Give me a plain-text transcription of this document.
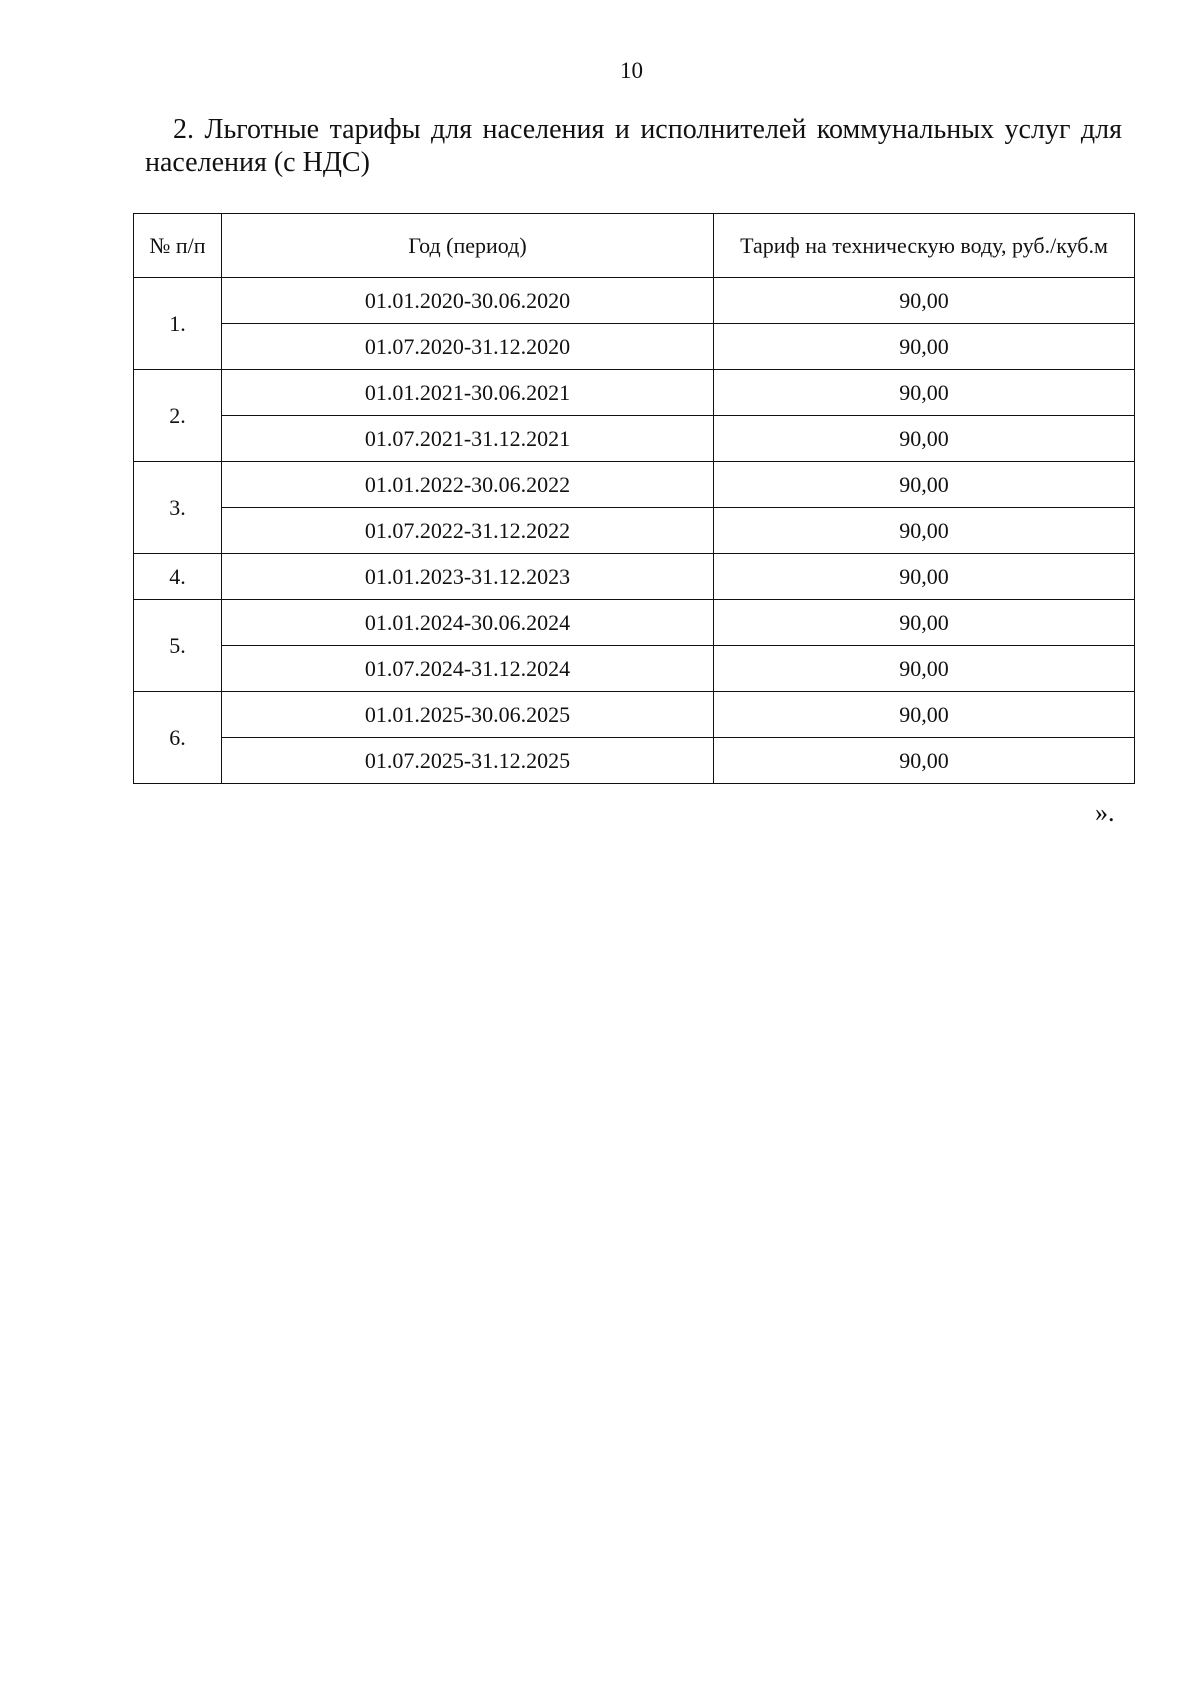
10

2. Льготные тарифы для населения и исполнителей коммунальных услуг для населения (с НДС)

№ п/п	Год (период)	Тариф на техническую воду, руб./куб.м
1.	01.01.2020-30.06.2020	90,00
	01.07.2020-31.12.2020	90,00
2.	01.01.2021-30.06.2021	90,00
	01.07.2021-31.12.2021	90,00
3.	01.01.2022-30.06.2022	90,00
	01.07.2022-31.12.2022	90,00
4.	01.01.2023-31.12.2023	90,00
5.	01.01.2024-30.06.2024	90,00
	01.07.2024-31.12.2024	90,00
6.	01.01.2025-30.06.2025	90,00
	01.07.2025-31.12.2025	90,00
».
